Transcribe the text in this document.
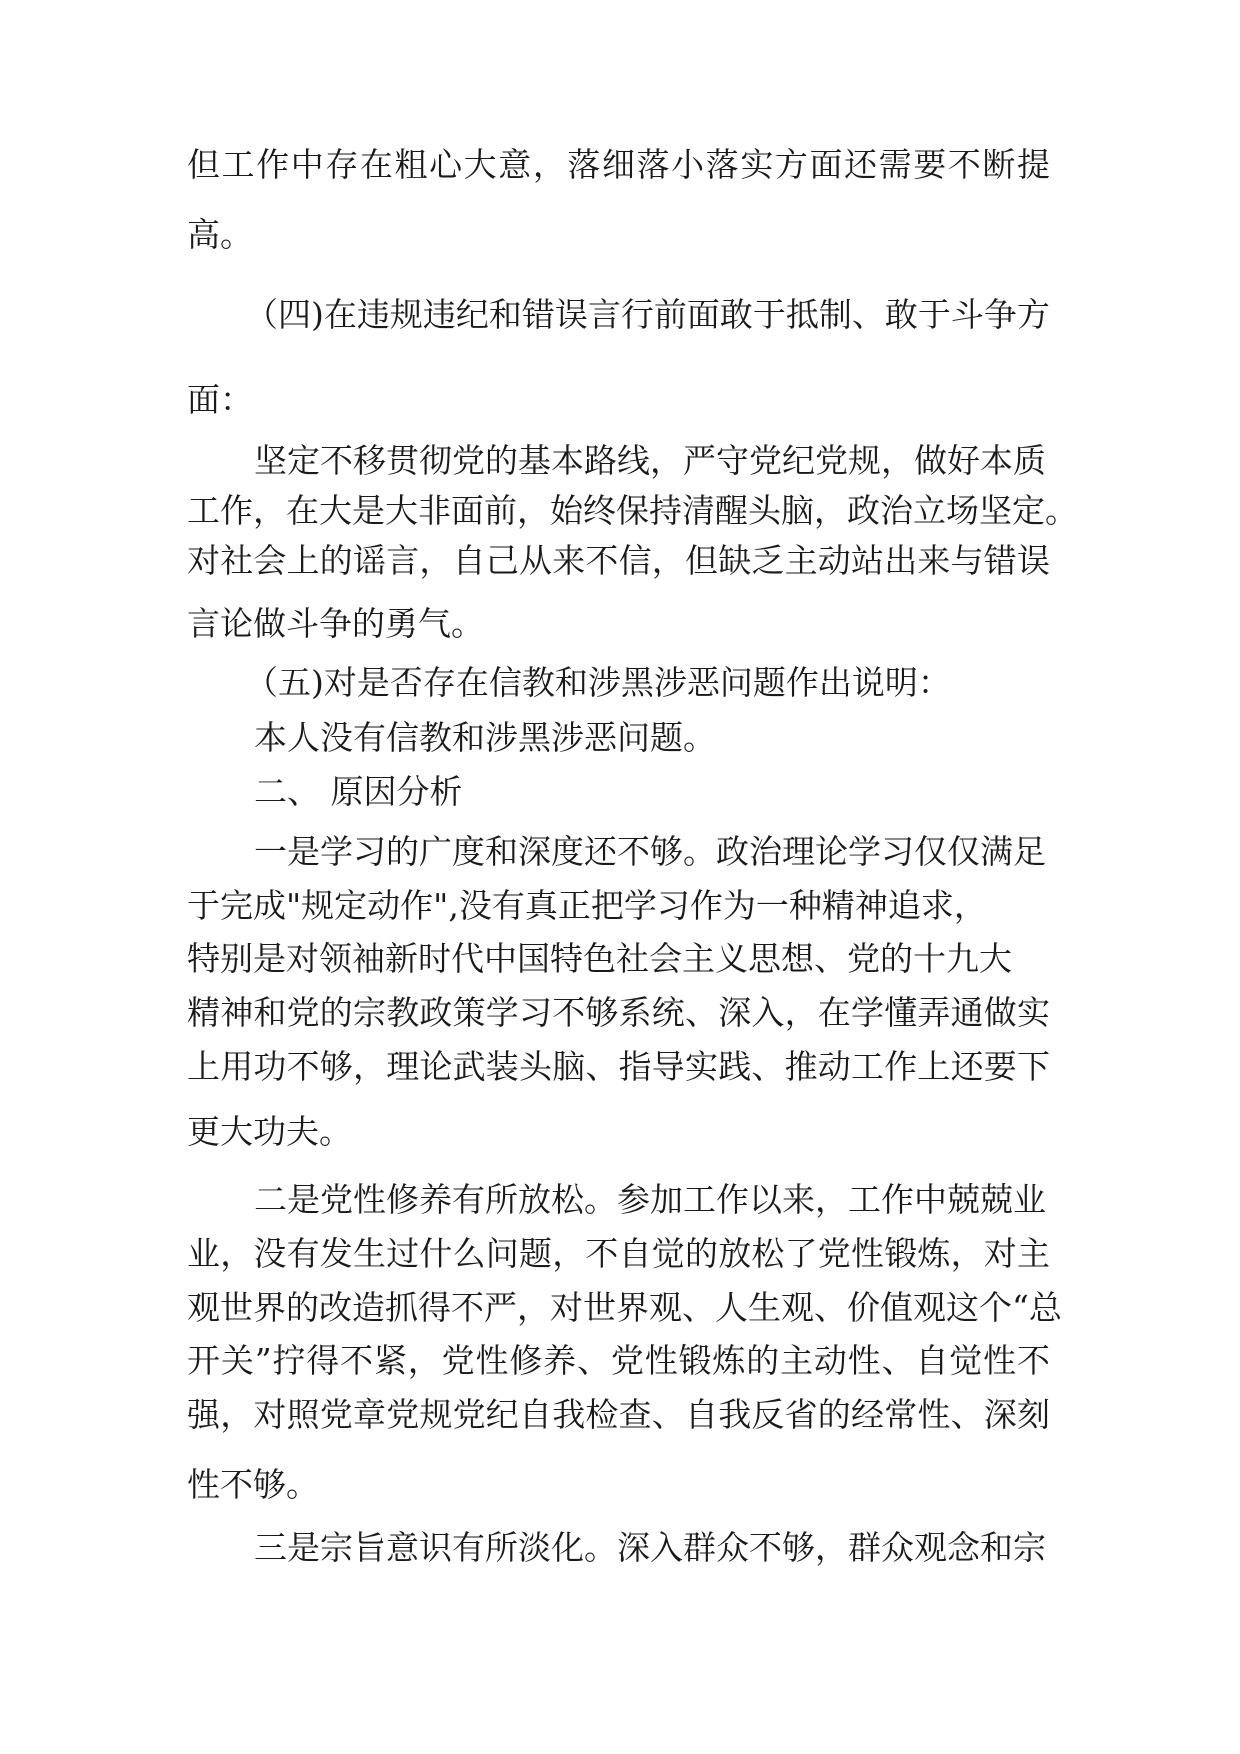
但工作中存在粗心大意，落细落小落实方面还需要不断提
高。
（四)在违规违纪和错误言行前面敢于抵制、敢于斗争方
面：
坚定不移贯彻党的基本路线，严守党纪党规，做好本质
工作，在大是大非面前，始终保持清醒头脑，政治立场坚定。
对社会上的谣言，自己从来不信，但缺乏主动站出来与错误
言论做斗争的勇气。
（五)对是否存在信教和涉黑涉恶问题作出说明：
本人没有信教和涉黑涉恶问题。
二、 原因分析
一是学习的广度和深度还不够。政治理论学习仅仅满足
于完成"规定动作",没有真正把学习作为一种精神追求，
特别是对领袖新时代中国特色社会主义思想、党的十九大
精神和党的宗教政策学习不够系统、深入，在学懂弄通做实
上用功不够，理论武装头脑、指导实践、推动工作上还要下
更大功夫。
二是党性修养有所放松。参加工作以来，工作中兢兢业
业，没有发生过什么问题，不自觉的放松了党性锻炼，对主
观世界的改造抓得不严，对世界观、人生观、价值观这个“总
开关”拧得不紧，党性修养、党性锻炼的主动性、自觉性不
强，对照党章党规党纪自我检查、自我反省的经常性、深刻
性不够。
三是宗旨意识有所淡化。深入群众不够，群众观念和宗
